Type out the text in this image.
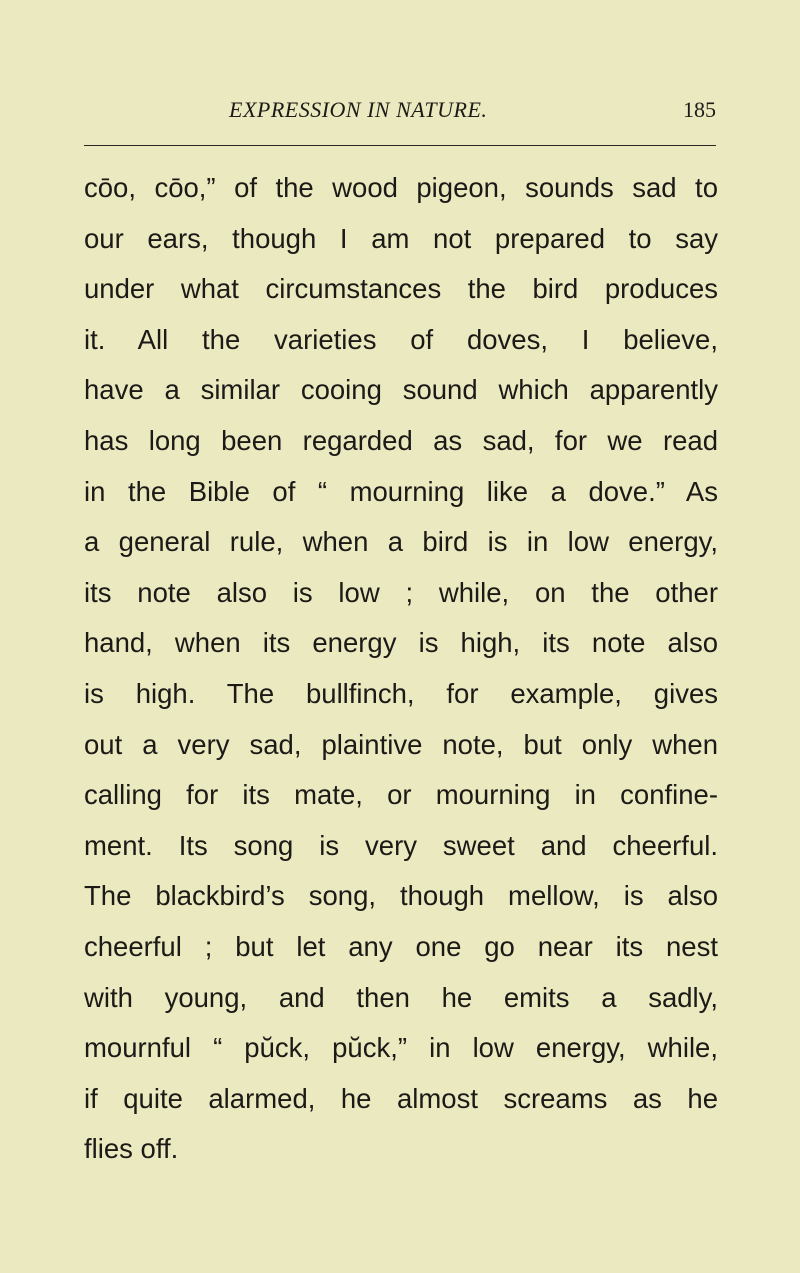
EXPRESSION IN NATURE.	185
cōo, cōo,” of the wood pigeon, sounds sad to
our ears, though I am not prepared to say
under what circumstances the bird produces
it. All the varieties of doves, I believe,
have a similar cooing sound which apparently
has long been regarded as sad, for we read
in the Bible of “ mourning like a dove.” As
a general rule, when a bird is in low energy,
its note also is low ; while, on the other
hand, when its energy is high, its note also
is high. The bullfinch, for example, gives
out a very sad, plaintive note, but only when
calling for its mate, or mourning in confine-
ment. Its song is very sweet and cheerful.
The blackbird’s song, though mellow, is also
cheerful ; but let any one go near its nest
with young, and then he emits a sadly,
mournful “ pŭck, pŭck,” in low energy, while,
if quite alarmed, he almost screams as he
flies off.
